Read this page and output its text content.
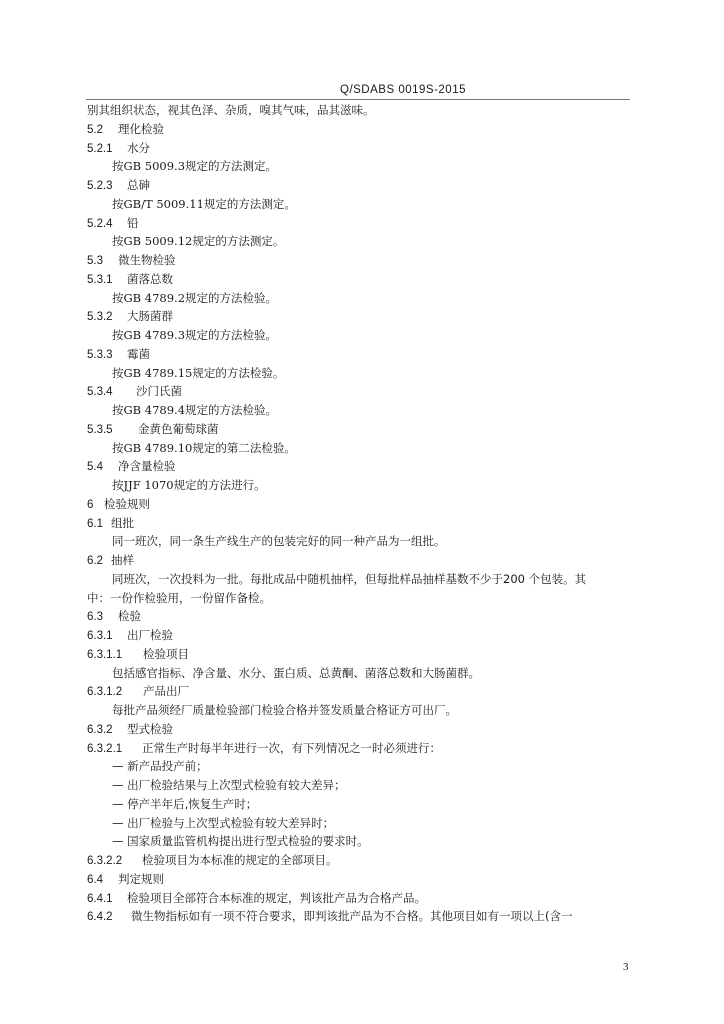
Q/SDABS 0019S-2015
别其组织状态，视其色泽、杂质，嗅其气味，品其滋味。
5.2 理化检验
5.2.1 水分
按GB 5009.3规定的方法测定。
5.2.3 总砷
按GB/T 5009.11规定的方法测定。
5.2.4 铅
按GB 5009.12规定的方法测定。
5.3 微生物检验
5.3.1 菌落总数
按GB 4789.2规定的方法检验。
5.3.2 大肠菌群
按GB 4789.3规定的方法检验。
5.3.3 霉菌
按GB 4789.15规定的方法检验。
5.3.4 沙门氏菌
按GB 4789.4规定的方法检验。
5.3.5 金黄色葡萄球菌
按GB 4789.10规定的第二法检验。
5.4 净含量检验
按JJF 1070规定的方法进行。
6 检验规则
6.1 组批
同一班次，同一条生产线生产的包装完好的同一种产品为一组批。
6.2 抽样
同班次，一次投料为一批。每批成品中随机抽样，但每批样品抽样基数不少于200 个包装。其
中：一份作检验用，一份留作备检。
6.3 检验
6.3.1 出厂检验
6.3.1.1 检验项目
包括感官指标、净含量、水分、蛋白质、总黄酮、菌落总数和大肠菌群。
6.3.1.2 产品出厂
每批产品须经厂质量检验部门检验合格并签发质量合格证方可出厂。
6.3.2 型式检验
6.3.2.1 正常生产时每半年进行一次，有下列情况之一时必须进行：
— 新产品投产前；
— 出厂检验结果与上次型式检验有较大差异；
— 停产半年后,恢复生产时；
— 出厂检验与上次型式检验有较大差异时；
— 国家质量监管机构提出进行型式检验的要求时。
6.3.2.2 检验项目为本标准的规定的全部项目。
6.4 判定规则
6.4.1 检验项目全部符合本标准的规定，判该批产品为合格产品。
6.4.2 微生物指标如有一项不符合要求，即判该批产品为不合格。其他项目如有一项以上(含一
3
